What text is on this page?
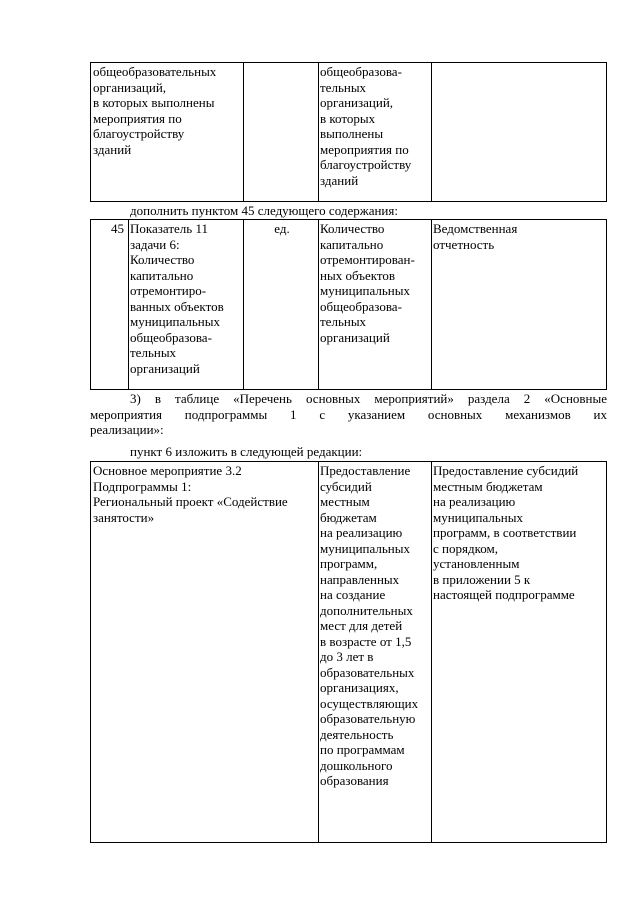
общеобразовательных
организаций,
в которых выполнены
мероприятия по
благоустройству
зданий
общеобразова-
тельных
организаций,
в которых
выполнены
мероприятия по
благоустройству
зданий
дополнить пунктом 45 следующего содержания:
45 Показатель 11
задачи 6:
Количество
капитально
отремонтиро-
ванных объектов
муниципальных
общеобразова-
тельных
организаций
ед.	Количество
капитально
отремонтирован-
ных объектов
муниципальных
общеобразова-
тельных
организаций
Ведомственная
отчетность
3) в таблице «Перечень основных мероприятий» раздела 2 «Основные
мероприятия подпрограммы 1 с указанием основных механизмов их
реализации»:
пункт 6 изложить в следующей редакции:
Основное мероприятие 3.2
Подпрограммы 1:
Региональный проект «Содействие
занятости»
Предоставление
субсидий
местным
бюджетам
на реализацию
муниципальных
программ,
направленных
на создание
дополнительных
мест для детей
в возрасте от 1,5
до 3 лет в
образовательных
организациях,
осуществляющих
образовательную
деятельность
по программам
дошкольного
образования
Предоставление субсидий
местным бюджетам
на реализацию
муниципальных
программ, в соответствии
с порядком,
установленным
в приложении 5 к
настоящей подпрограмме
